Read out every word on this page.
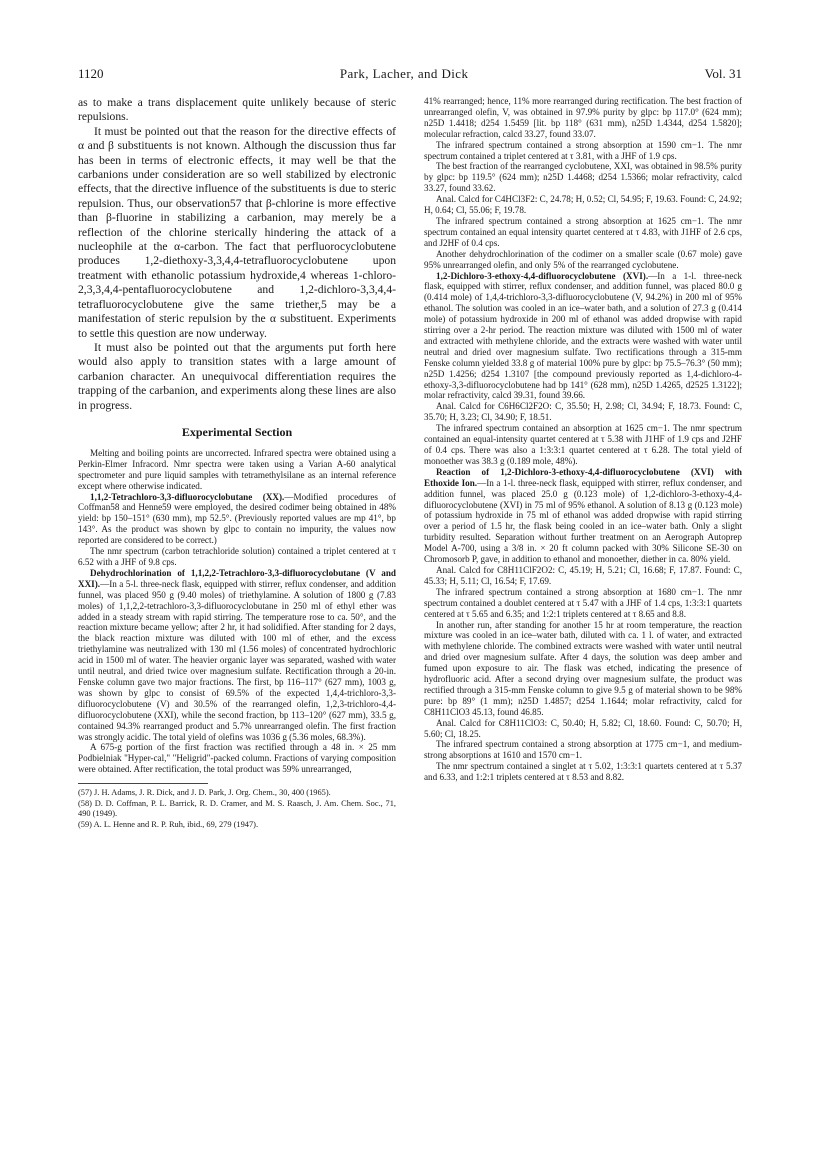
1120	Park, Lacher, and Dick	Vol. 31

as to make a trans displacement quite unlikely because of steric repulsions.

It must be pointed out that the reason for the directive effects of α and β substituents is not known. Although the discussion thus far has been in terms of electronic effects, it may well be that the carbanions under consideration are so well stabilized by electronic effects, that the directive influence of the substituents is due to steric repulsion. Thus, our observation57 that β-chlorine is more effective than β-fluorine in stabilizing a carbanion, may merely be a reflection of the chlorine sterically hindering the attack of a nucleophile at the α-carbon. The fact that perfluorocyclobutene produces 1,2-diethoxy-3,3,4,4-tetrafluorocyclobutene upon treatment with ethanolic potassium hydroxide,4 whereas 1-chloro-2,3,3,4,4-pentafluorocyclobutene and 1,2-dichloro-3,3,4,4-tetrafluorocyclobutene give the same triether,5 may be a manifestation of steric repulsion by the α substituent. Experiments to settle this question are now underway.

It must also be pointed out that the arguments put forth here would also apply to transition states with a large amount of carbanion character. An unequivocal differentiation requires the trapping of the carbanion, and experiments along these lines are also in progress.

Experimental Section

Melting and boiling points are uncorrected. Infrared spectra were obtained using a Perkin-Elmer Infracord. Nmr spectra were taken using a Varian A-60 analytical spectrometer and pure liquid samples with tetramethylsilane as an internal reference except where otherwise indicated.

1,1,2-Tetrachloro-3,3-difluorocyclobutane (XX).—Modified procedures of Coffman58 and Henne59 were employed, the desired codimer being obtained in 48% yield: bp 150–151° (630 mm), mp 52.5°. (Previously reported values are mp 41°, bp 143°. As the product was shown by glpc to contain no impurity, the values now reported are considered to be correct.)

The nmr spectrum (carbon tetrachloride solution) contained a triplet centered at τ 6.52 with a JHF of 9.8 cps.

Dehydrochlorination of 1,1,2,2-Tetrachloro-3,3-difluorocyclobutane (V and XXI).—In a 5-l. three-neck flask, equipped with stirrer, reflux condenser, and addition funnel, was placed 950 g (9.40 moles) of triethylamine. A solution of 1800 g (7.83 moles) of 1,1,2,2-tetrachloro-3,3-difluorocyclobutane in 250 ml of ethyl ether was added in a steady stream with rapid stirring. The temperature rose to ca. 50°, and the reaction mixture became yellow; after 2 hr, it had solidified. After standing for 2 days, the black reaction mixture was diluted with 100 ml of ether, and the excess triethylamine was neutralized with 130 ml (1.56 moles) of concentrated hydrochloric acid in 1500 ml of water. The heavier organic layer was separated, washed with water until neutral, and dried twice over magnesium sulfate. Rectification through a 20-in. Fenske column gave two major fractions. The first, bp 116–117° (627 mm), 1003 g, was shown by glpc to consist of 69.5% of the expected 1,4,4-trichloro-3,3-difluorocyclobutene (V) and 30.5% of the rearranged olefin, 1,2,3-trichloro-4,4-difluorocyclobutene (XXI), while the second fraction, bp 113–120° (627 mm), 33.5 g, contained 94.3% rearranged product and 5.7% unrearranged olefin. The first fraction was strongly acidic. The total yield of olefins was 1036 g (5.36 moles, 68.3%).

A 675-g portion of the first fraction was rectified through a 48 in. × 25 mm Podbielniak "Hyper-cal," "Heligrid"-packed column. Fractions of varying composition were obtained. After rectification, the total product was 59% unrearranged,

(57) J. H. Adams, J. R. Dick, and J. D. Park, J. Org. Chem., 30, 400 (1965).

(58) D. D. Coffman, P. L. Barrick, R. D. Cramer, and M. S. Raasch, J. Am. Chem. Soc., 71, 490 (1949).

(59) A. L. Henne and R. P. Ruh, ibid., 69, 279 (1947).

41% rearranged; hence, 11% more rearranged during rectification. The best fraction of unrearranged olefin, V, was obtained in 97.9% purity by glpc: bp 117.0° (624 mm); n25D 1.4418; d254 1.5459 [lit. bp 118° (631 mm), n25D 1.4344, d254 1.5820]; molecular refraction, calcd 33.27, found 33.07.

The infrared spectrum contained a strong absorption at 1590 cm−1. The nmr spectrum contained a triplet centered at τ 3.81, with a JHF of 1.9 cps.

The best fraction of the rearranged cyclobutene, XXI, was obtained in 98.5% purity by glpc: bp 119.5° (624 mm); n25D 1.4468; d254 1.5366; molar refractivity, calcd 33.27, found 33.62.

Anal. Calcd for C4HCl3F2: C, 24.78; H, 0.52; Cl, 54.95; F, 19.63. Found: C, 24.92; H, 0.64; Cl, 55.06; F, 19.78.

The infrared spectrum contained a strong absorption at 1625 cm−1. The nmr spectrum contained an equal intensity quartet centered at τ 4.83, with J1HF of 2.6 cps, and J2HF of 0.4 cps.

Another dehydrochlorination of the codimer on a smaller scale (0.67 mole) gave 95% unrearranged olefin, and only 5% of the rearranged cyclobutene.

1,2-Dichloro-3-ethoxy-4,4-difluorocyclobutene (XVI).—In a 1-l. three-neck flask, equipped with stirrer, reflux condenser, and addition funnel, was placed 80.0 g (0.414 mole) of 1,4,4-trichloro-3,3-difluorocyclobutene (V, 94.2%) in 200 ml of 95% ethanol. The solution was cooled in an ice–water bath, and a solution of 27.3 g (0.414 mole) of potassium hydroxide in 200 ml of ethanol was added dropwise with rapid stirring over a 2-hr period. The reaction mixture was diluted with 1500 ml of water and extracted with methylene chloride, and the extracts were washed with water until neutral and dried over magnesium sulfate. Two rectifications through a 315-mm Fenske column yielded 33.8 g of material 100% pure by glpc: bp 75.5–76.3° (50 mm); n25D 1.4256; d254 1.3107 [the compound previously reported as 1,4-dichloro-4-ethoxy-3,3-difluorocyclobutene had bp 141° (628 mm), n25D 1.4265, d2525 1.3122]; molar refractivity, calcd 39.31, found 39.66.

Anal. Calcd for C6H6Cl2F2O: C, 35.50; H, 2.98; Cl, 34.94; F, 18.73. Found: C, 35.70; H, 3.23; Cl, 34.90; F, 18.51.

The infrared spectrum contained an absorption at 1625 cm−1. The nmr spectrum contained an equal-intensity quartet centered at τ 5.38 with J1HF of 1.9 cps and J2HF of 0.4 cps. There was also a 1:3:3:1 quartet centered at τ 6.28. The total yield of monoether was 38.3 g (0.189 mole, 48%).

Reaction of 1,2-Dichloro-3-ethoxy-4,4-difluorocyclobutene (XVI) with Ethoxide Ion.—In a 1-l. three-neck flask, equipped with stirrer, reflux condenser, and addition funnel, was placed 25.0 g (0.123 mole) of 1,2-dichloro-3-ethoxy-4,4-difluorocyclobutene (XVI) in 75 ml of 95% ethanol. A solution of 8.13 g (0.123 mole) of potassium hydroxide in 75 ml of ethanol was added dropwise with rapid stirring over a period of 1.5 hr, the flask being cooled in an ice–water bath. Only a slight turbidity resulted. Separation without further treatment on an Aerograph Autoprep Model A-700, using a 3/8 in. × 20 ft column packed with 30% Silicone SE-30 on Chromosorb P, gave, in addition to ethanol and monoether, diether in ca. 80% yield.

Anal. Calcd for C8H11ClF2O2: C, 45.19; H, 5.21; Cl, 16.68; F, 17.87. Found: C, 45.33; H, 5.11; Cl, 16.54; F, 17.69.

The infrared spectrum contained a strong absorption at 1680 cm−1. The nmr spectrum contained a doublet centered at τ 5.47 with a JHF of 1.4 cps, 1:3:3:1 quartets centered at τ 5.65 and 6.35; and 1:2:1 triplets centered at τ 8.65 and 8.8.

In another run, after standing for another 15 hr at room temperature, the reaction mixture was cooled in an ice–water bath, diluted with ca. 1 l. of water, and extracted with methylene chloride. The combined extracts were washed with water until neutral and dried over magnesium sulfate. After 4 days, the solution was deep amber and fumed upon exposure to air. The flask was etched, indicating the presence of hydrofluoric acid. After a second drying over magnesium sulfate, the product was rectified through a 315-mm Fenske column to give 9.5 g of material shown to be 98% pure: bp 89° (1 mm); n25D 1.4857; d254 1.1644; molar refractivity, calcd for C8H11ClO3 45.13, found 46.85.

Anal. Calcd for C8H11ClO3: C, 50.40; H, 5.82; Cl, 18.60. Found: C, 50.70; H, 5.60; Cl, 18.25.

The infrared spectrum contained a strong absorption at 1775 cm−1, and medium-strong absorptions at 1610 and 1570 cm−1.

The nmr spectrum contained a singlet at τ 5.02, 1:3:3:1 quartets centered at τ 5.37 and 6.33, and 1:2:1 triplets centered at τ 8.53 and 8.82.
